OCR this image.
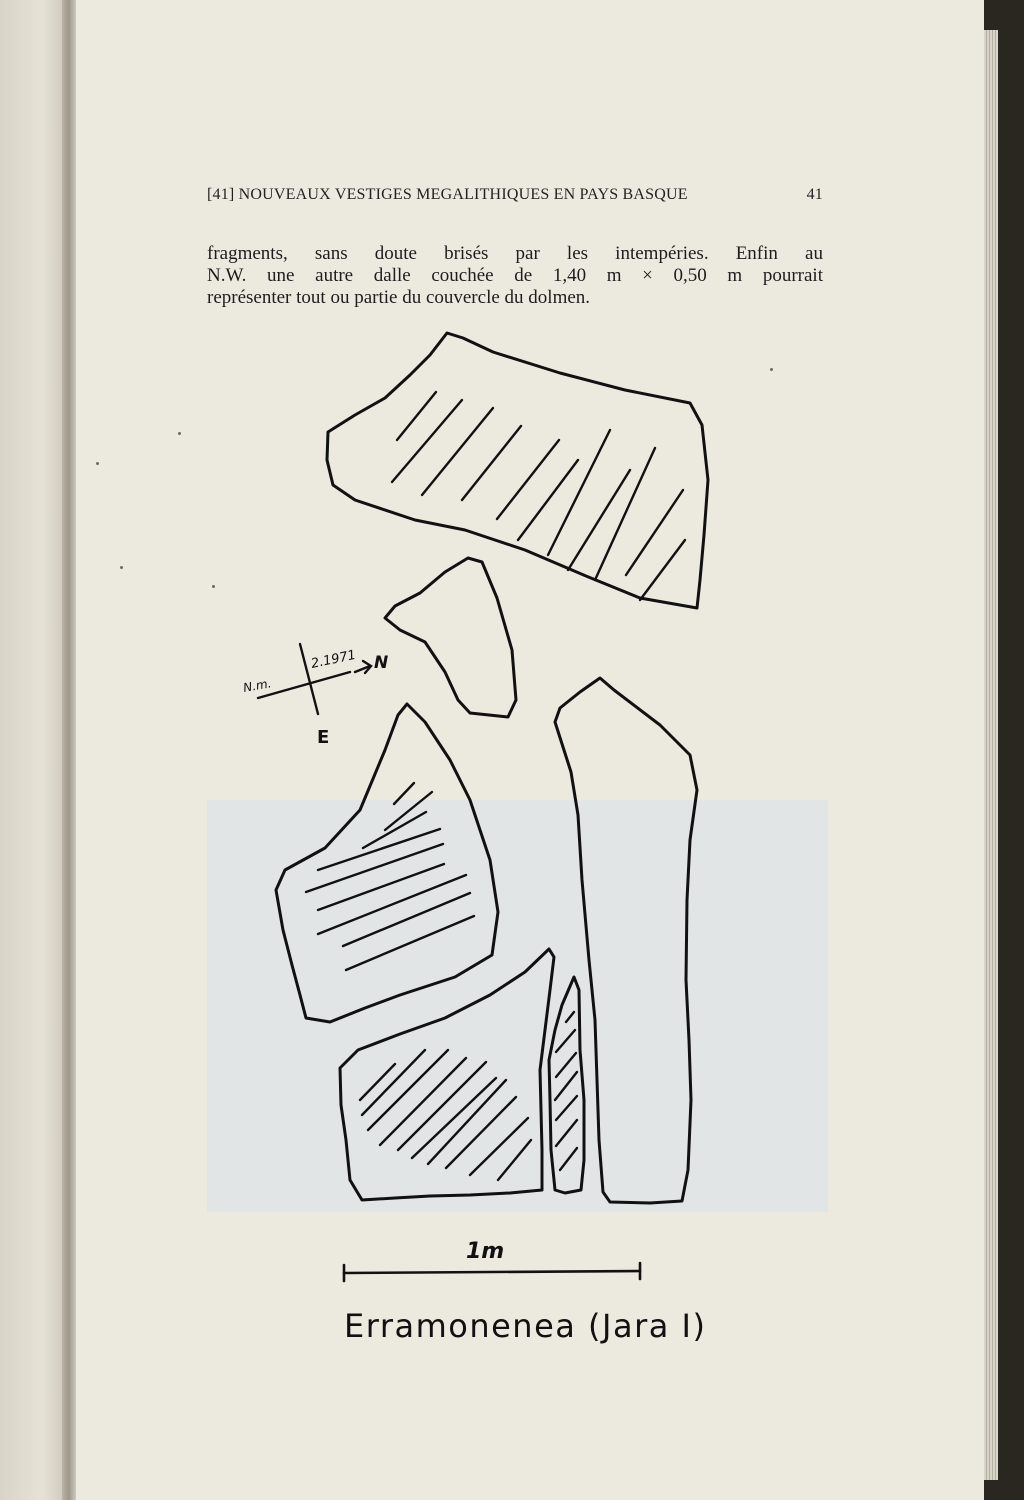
[41] NOUVEAUX VESTIGES MEGALITHIQUES EN PAYS BASQUE	41
fragments, sans doute brisés par les intempéries. Enfin au
N.W. une autre dalle couchée de 1,40 m × 0,50 m pourrait
représenter tout ou partie du couvercle du dolmen.
N.m.
2.1971 N
E
1m
Erramonenea (Jara I)
